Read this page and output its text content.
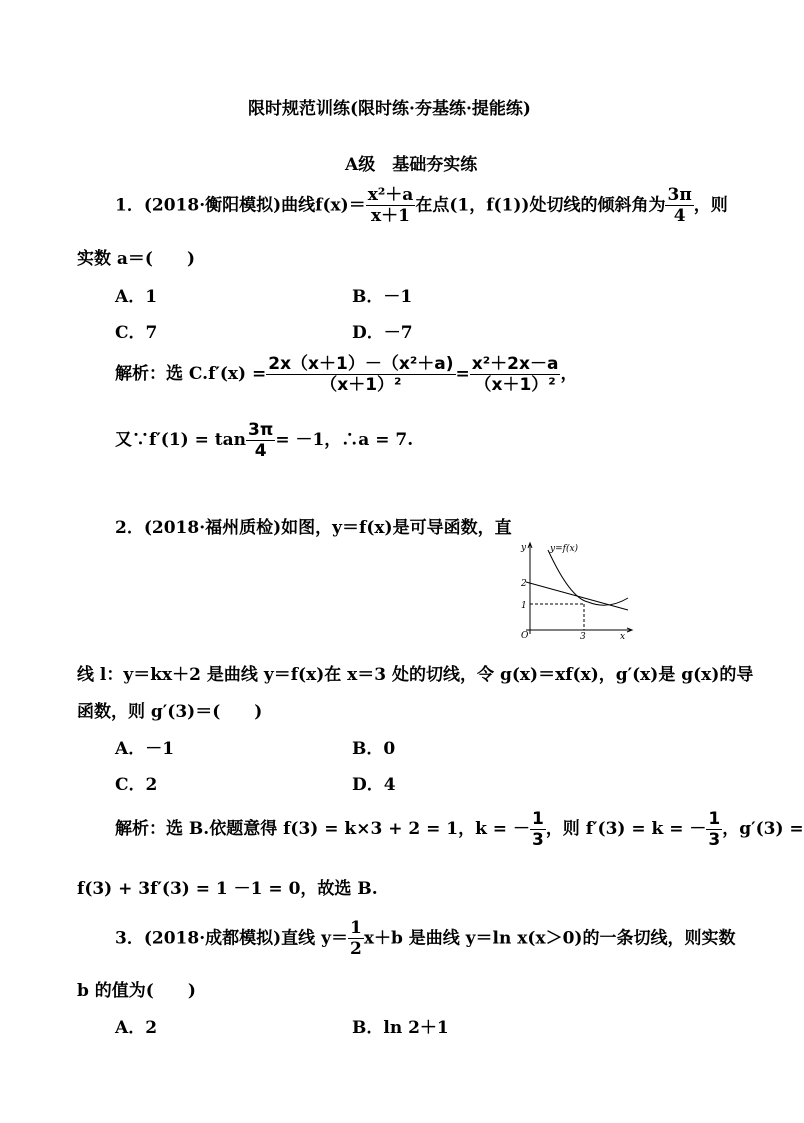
限时规范训练(限时练·夯基练·提能练)
A级　基础夯实练
1．(2018·衡阳模拟)曲线$f(x)= \frac{\text{x²＋a}}{x+1}$ 在点(1，f(1))处切线的倾斜角为 $\frac{3\pi}{4}$ ，则
实数 a＝(　　)
A．1	B．－1
C．7	D．－7
解析：选 $C.f'(x) = \frac{\text{2x（x＋1）－（x²＋a)}}{\text{（x＋1）²}} = \frac{\text{x²＋2x－a}}{\text{（x＋1）²}}$ ，
又∵f′(1) = $\tan \frac{3\pi}{4} = -1$，∴a = 7.
2．(2018·福州质检)如图，y＝f(x)是可导函数，直
y
x
O
y=f(x)
2
1
3
线 l：y＝kx＋2 是曲线 y＝f(x)在 x＝3 处的切线，令 g(x)＝xf(x)，g′(x)是 g(x)的导
函数，则 g′(3)＝(　　)
A．－1	B．0
C．2	D．4
解析：选 B.依题意得 f(3) = k×3 + 2 = 1，k = － $\frac{1}{3}$ ，则 f′(3) = k = － $\frac{1}{3}$ ，g′(3) =
f(3) + 3f′(3) = 1 －1 = 0，故选 B.
3．(2018·成都模拟)直线 $y= \frac{1}{2} x+b$ 是曲线 y＝ln x(x＞0)的一条切线，则实数
b 的值为(　　)
A．2	B．ln 2＋1
